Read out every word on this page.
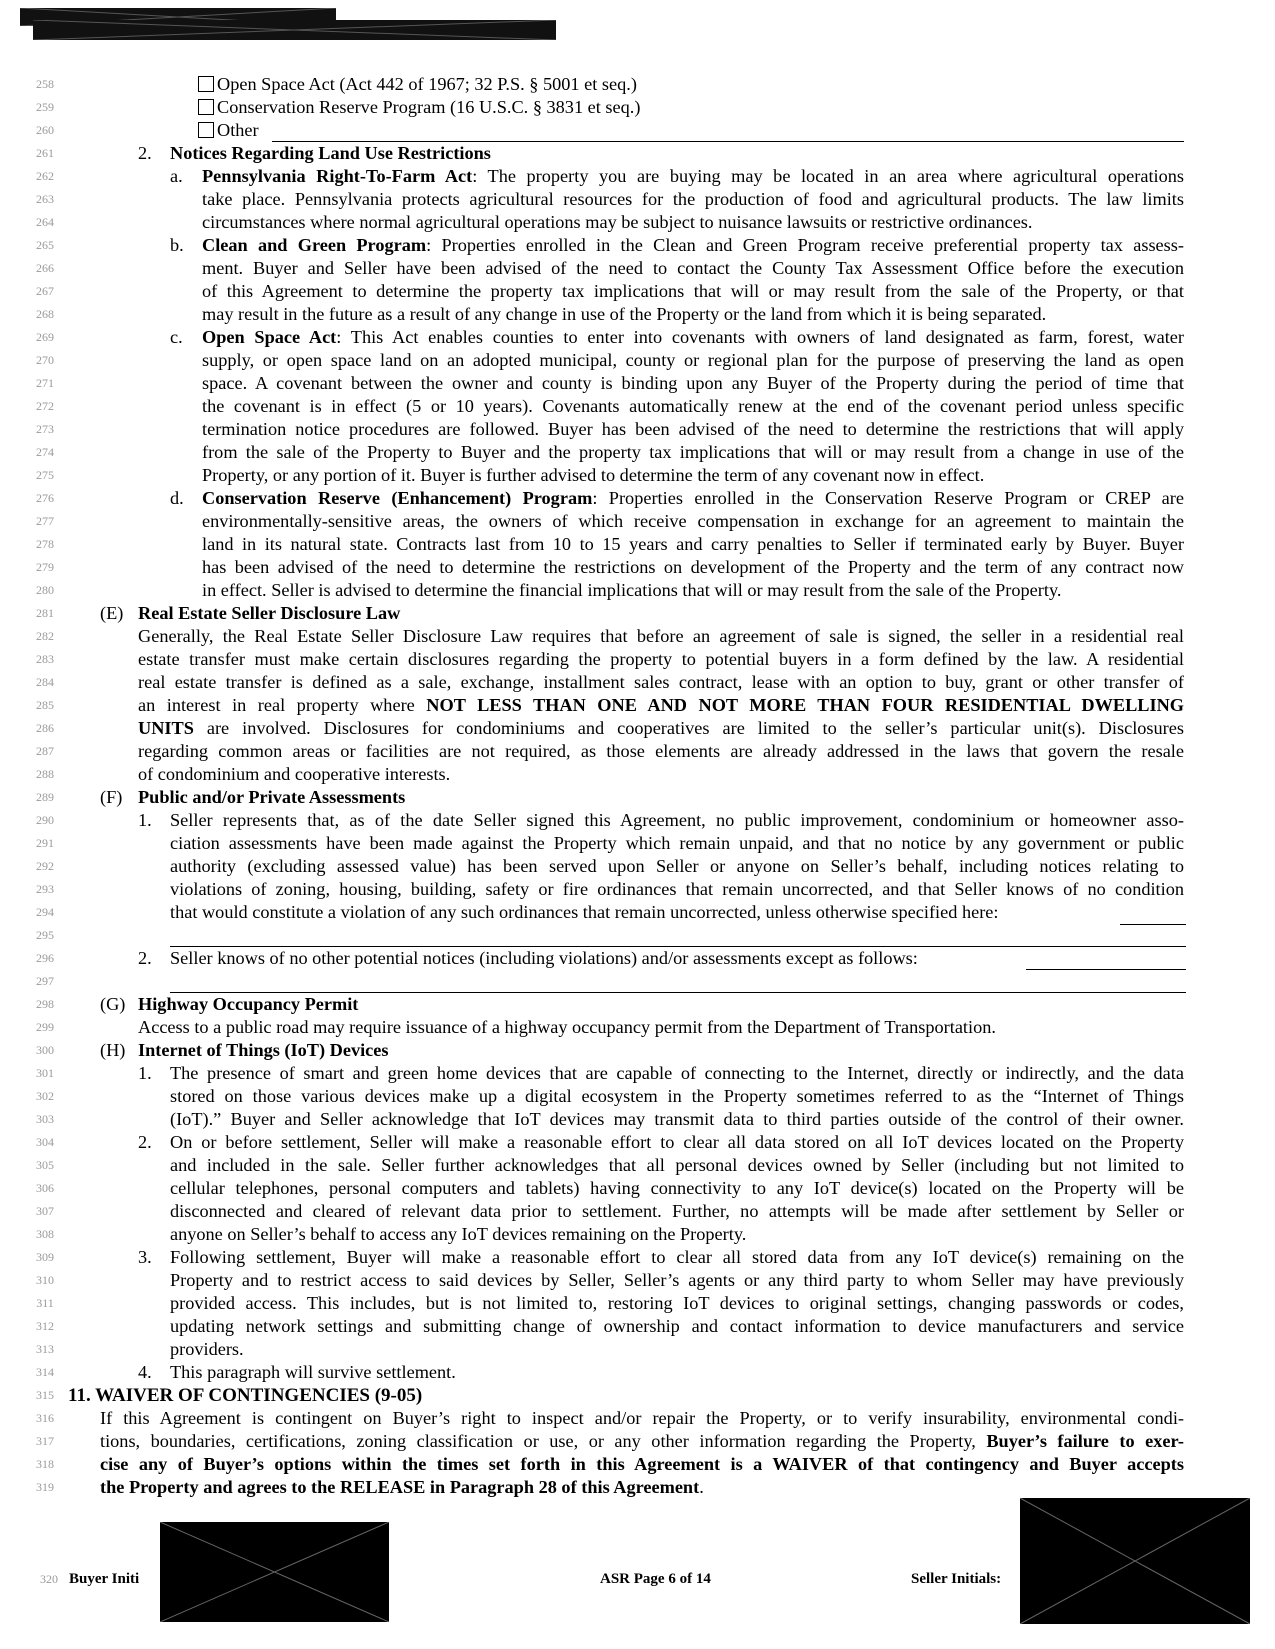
258
259
260
261
262
263
264
265
266
267
268
269
270
271
272
273
274
275
276
277
278
279
280
281
282
283
284
285
286
287
288
289
290
291
292
293
294
295
296
297
298
299
300
301
302
303
304
305
306
307
308
309
310
311
312
313
314
315
316
317
318
319
Open Space Act (Act 442 of 1967; 32 P.S. § 5001 et seq.)
Conservation Reserve Program (16 U.S.C. § 3831 et seq.)
Other
2. Notices Regarding Land Use Restrictions
a. Pennsylvania Right-To-Farm Act: The property you are buying may be located in an area where agricultural operations
take place. Pennsylvania protects agricultural resources for the production of food and agricultural products. The law limits
circumstances where normal agricultural operations may be subject to nuisance lawsuits or restrictive ordinances.
b. Clean and Green Program: Properties enrolled in the Clean and Green Program receive preferential property tax assess-
ment. Buyer and Seller have been advised of the need to contact the County Tax Assessment Office before the execution
of this Agreement to determine the property tax implications that will or may result from the sale of the Property, or that
may result in the future as a result of any change in use of the Property or the land from which it is being separated.
c. Open Space Act: This Act enables counties to enter into covenants with owners of land designated as farm, forest, water
supply, or open space land on an adopted municipal, county or regional plan for the purpose of preserving the land as open
space. A covenant between the owner and county is binding upon any Buyer of the Property during the period of time that
the covenant is in effect (5 or 10 years). Covenants automatically renew at the end of the covenant period unless specific
termination notice procedures are followed. Buyer has been advised of the need to determine the restrictions that will apply
from the sale of the Property to Buyer and the property tax implications that will or may result from a change in use of the
Property, or any portion of it. Buyer is further advised to determine the term of any covenant now in effect.
d. Conservation Reserve (Enhancement) Program: Properties enrolled in the Conservation Reserve Program or CREP are
environmentally-sensitive areas, the owners of which receive compensation in exchange for an agreement to maintain the
land in its natural state. Contracts last from 10 to 15 years and carry penalties to Seller if terminated early by Buyer. Buyer
has been advised of the need to determine the restrictions on development of the Property and the term of any contract now
in effect. Seller is advised to determine the financial implications that will or may result from the sale of the Property.
(E) Real Estate Seller Disclosure Law
Generally, the Real Estate Seller Disclosure Law requires that before an agreement of sale is signed, the seller in a residential real
estate transfer must make certain disclosures regarding the property to potential buyers in a form defined by the law. A residential
real estate transfer is defined as a sale, exchange, installment sales contract, lease with an option to buy, grant or other transfer of
an interest in real property where NOT LESS THAN ONE AND NOT MORE THAN FOUR RESIDENTIAL DWELLING
UNITS are involved. Disclosures for condominiums and cooperatives are limited to the seller’s particular unit(s). Disclosures
regarding common areas or facilities are not required, as those elements are already addressed in the laws that govern the resale
of condominium and cooperative interests.
(F) Public and/or Private Assessments
1. Seller represents that, as of the date Seller signed this Agreement, no public improvement, condominium or homeowner asso-
ciation assessments have been made against the Property which remain unpaid, and that no notice by any government or public
authority (excluding assessed value) has been served upon Seller or anyone on Seller’s behalf, including notices relating to
violations of zoning, housing, building, safety or fire ordinances that remain uncorrected, and that Seller knows of no condition
that would constitute a violation of any such ordinances that remain uncorrected, unless otherwise specified here:
2. Seller knows of no other potential notices (including violations) and/or assessments except as follows:
(G) Highway Occupancy Permit
Access to a public road may require issuance of a highway occupancy permit from the Department of Transportation.
(H) Internet of Things (IoT) Devices
1. The presence of smart and green home devices that are capable of connecting to the Internet, directly or indirectly, and the data
stored on those various devices make up a digital ecosystem in the Property sometimes referred to as the “Internet of Things
(IoT).” Buyer and Seller acknowledge that IoT devices may transmit data to third parties outside of the control of their owner.
2. On or before settlement, Seller will make a reasonable effort to clear all data stored on all IoT devices located on the Property
and included in the sale. Seller further acknowledges that all personal devices owned by Seller (including but not limited to
cellular telephones, personal computers and tablets) having connectivity to any IoT device(s) located on the Property will be
disconnected and cleared of relevant data prior to settlement. Further, no attempts will be made after settlement by Seller or
anyone on Seller’s behalf to access any IoT devices remaining on the Property.
3. Following settlement, Buyer will make a reasonable effort to clear all stored data from any IoT device(s) remaining on the
Property and to restrict access to said devices by Seller, Seller’s agents or any third party to whom Seller may have previously
provided access. This includes, but is not limited to, restoring IoT devices to original settings, changing passwords or codes,
updating network settings and submitting change of ownership and contact information to device manufacturers and service
providers.
4. This paragraph will survive settlement.
11. WAIVER OF CONTINGENCIES (9-05)
If this Agreement is contingent on Buyer’s right to inspect and/or repair the Property, or to verify insurability, environmental condi-
tions, boundaries, certifications, zoning classification or use, or any other information regarding the Property, Buyer’s failure to exer-
cise any of Buyer’s options within the times set forth in this Agreement is a WAIVER of that contingency and Buyer accepts
the Property and agrees to the RELEASE in Paragraph 28 of this Agreement.
320 Buyer Initi	ASR Page 6 of 14	Seller Initials:
